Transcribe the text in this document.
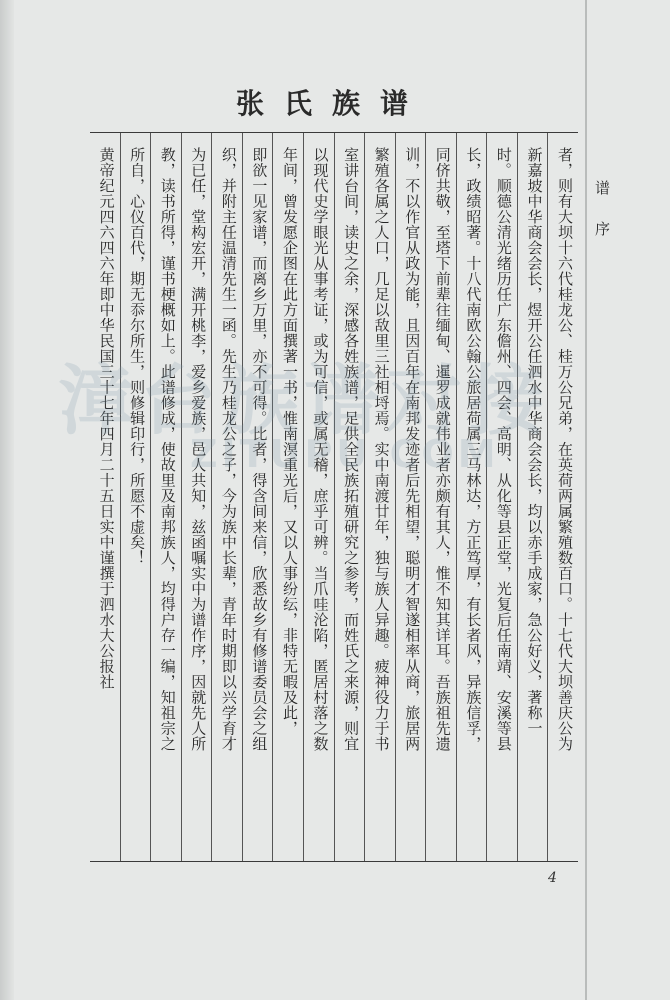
张氏族谱
谱序
者，则有大坝十六代桂龙公、桂万公兄弟，在英荷两属繁殖数百口。十七代大坝善庆公为
新嘉坡中华商会会长，煜开公任泗水中华商会会长，均以赤手成家，急公好义，著称一
时。顺德公清光绪历任广东儋州、四会、高明、从化等县正堂，光复后任南靖、安溪等县
长，政绩昭著。十八代南欧公翰公旅居荷属三马林达，方正笃厚，有长者风，异族信孚，
同侪共敬，至塔下前辈往缅甸、暹罗成就伟业者亦颇有其人，惟不知其详耳。吾族祖先遗
训，不以作官从政为能，且因百年在南邦发迹者后先相望，聪明才智遂相率从商，旅居两
繁殖各属之人口，几足以敌里三社相埒焉。实中南渡廿年，独与族人异趣。疲神役力于书
室讲台间，读史之余，深感各姓族谱，足供全民族拓殖研究之参考，而姓氏之来源，则宜
以现代史学眼光从事考证，或为可信，或属无稽，庶乎可辨。当爪哇沦陷，匿居村落之数
年间，曾发愿企图在此方面撰著一书，惟南溟重光后，又以人事纷纭，非特无暇及此，
即欲一见家谱，而离乡万里，亦不可得。比者，得含间来信，欣悉故乡有修谱委员会之组
织，并附主任温清先生一函。先生乃桂龙公之子，今为族中长辈，青年时期即以兴学育才
为已任，堂构宏开，满开桃李，爱乡爱族，邑人共知，兹函嘱实中为谱作序，因就先人所
教，读书所得，谨书梗概如上。此谱修成，使故里及南邦族人，均得户存一编，知祖宗之
所自，心仪百代，期无忝尔所生，则修辑印行，所愿不虚矣！
黄帝纪元四六四六年即中华民国三十七年四月二十五日实中谨撰于泗水大公报社
漳台族谱对接
ZITUPU.COM
4
